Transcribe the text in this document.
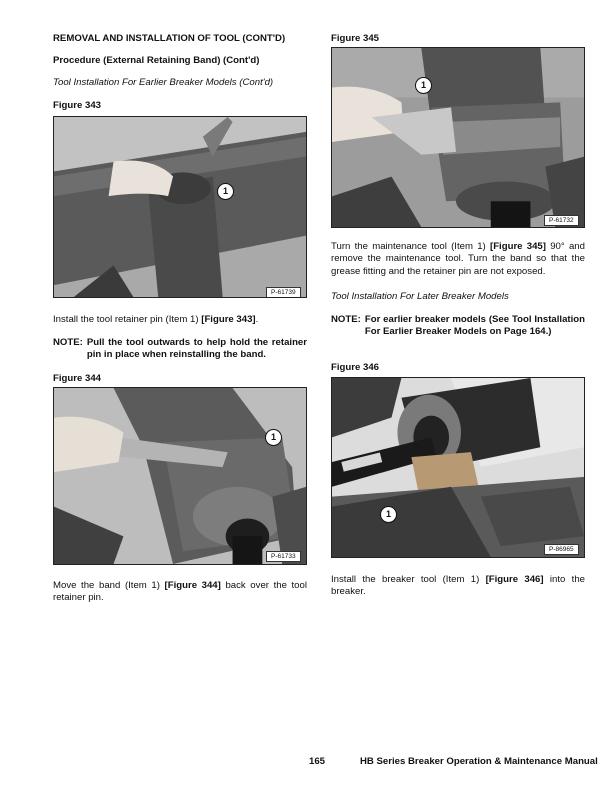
REMOVAL AND INSTALLATION OF TOOL (CONT'D)
Procedure (External Retaining Band) (Cont'd)
Tool Installation For Earlier Breaker Models (Cont'd)
Figure 343
1
P-61739
Install the tool retainer pin (Item 1) [Figure 343].
NOTE: Pull the tool outwards to help hold the retainer pin in place when reinstalling the band.
Figure 344
1
P-61733
Move the band (Item 1) [Figure 344] back over the tool retainer pin.
Figure 345
1
P-61732
Turn the maintenance tool (Item 1) [Figure 345] 90° and remove the maintenance tool. Turn the band so that the grease fitting and the retainer pin are not exposed.
Tool Installation For Later Breaker Models
NOTE: For earlier breaker models (See Tool Installation For Earlier Breaker Models on Page 164.)
Figure 346
1
P-86965
Install the breaker tool (Item 1) [Figure 346] into the breaker.
165	HB Series Breaker Operation & Maintenance Manual
